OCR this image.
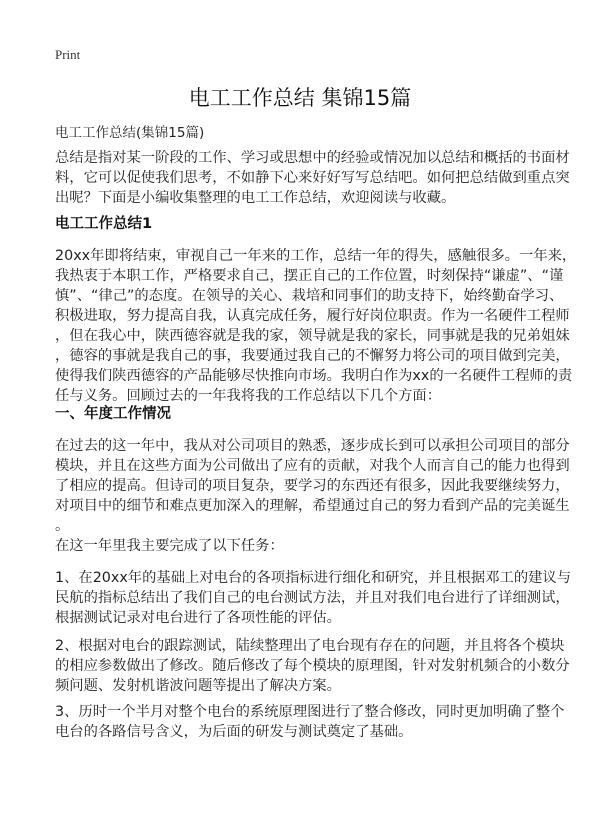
Print
电工工作总结 集锦15篇
电工工作总结(集锦15篇)
总结是指对某一阶段的工作、学习或思想中的经验或情况加以总结和概括的书面材
料，它可以促使我们思考，不如静下心来好好写写总结吧。如何把总结做到重点突
出呢？下面是小编收集整理的电工工作总结，欢迎阅读与收藏。
电工工作总结1
20xx年即将结束，审视自己一年来的工作，总结一年的得失，感触很多。一年来，
我热衷于本职工作，严格要求自己，摆正自己的工作位置，时刻保持“谦虚”、“谨
慎”、“律己”的态度。在领导的关心、栽培和同事们的助支持下，始终勤奋学习、
积极进取，努力提高自我，认真完成任务，履行好岗位职责。作为一名硬件工程师
，但在我心中，陕西德容就是我的家，领导就是我的家长，同事就是我的兄弟姐妹
，德容的事就是我自己的事，我要通过我自己的不懈努力将公司的项目做到完美，
使得我们陕西德容的产品能够尽快推向市场。我明白作为xx的一名硬件工程师的责
任与义务。回顾过去的一年我将我的工作总结以下几个方面：
一、年度工作情况
在过去的这一年中，我从对公司项目的熟悉，逐步成长到可以承担公司项目的部分
模块，并且在这些方面为公司做出了应有的贡献，对我个人而言自己的能力也得到
了相应的提高。但诗司的项目复杂，要学习的东西还有很多，因此我要继续努力，
对项目中的细节和难点更加深入的理解，希望通过自己的努力看到产品的完美诞生
。
在这一年里我主要完成了以下任务：
1、在20xx年的基础上对电台的各项指标进行细化和研究，并且根据邓工的建议与
民航的指标总结出了我们自己的电台测试方法，并且对我们电台进行了详细测试，
根据测试记录对电台进行了各项性能的评估。
2、根据对电台的跟踪测试，陆续整理出了电台现有存在的问题，并且将各个模块
的相应参数做出了修改。随后修改了每个模块的原理图，针对发射机频合的小数分
频问题、发射机谐波问题等提出了解决方案。
3、历时一个半月对整个电台的系统原理图进行了整合修改，同时更加明确了整个
电台的各路信号含义，为后面的研发与测试奠定了基础。
